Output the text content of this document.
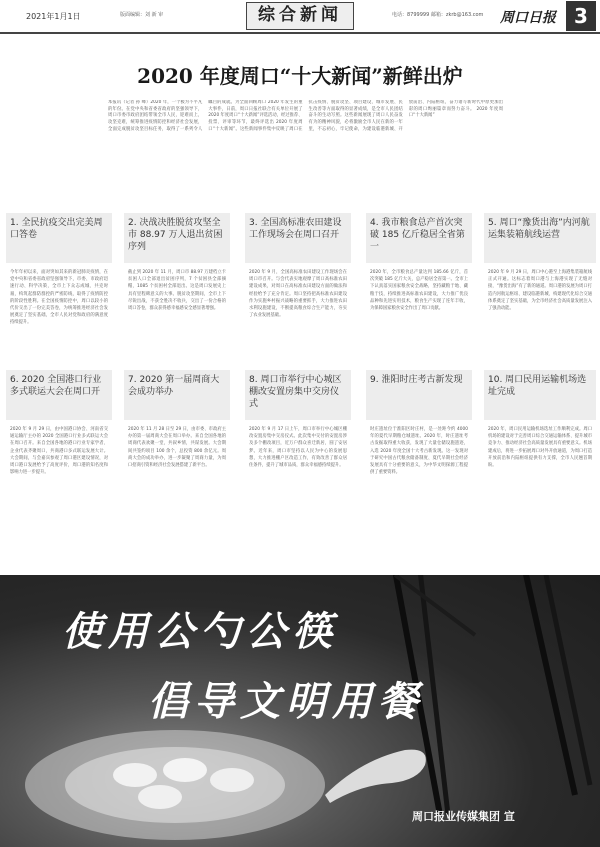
2021年1月1日	版面编辑：刘 新 审	综合新闻	电话：8799999 邮箱：zkrb@163.com 周口日报 3
2020 年度周口“十大新闻”新鲜出炉
本报讯（记者 孙 峰）2020 年，一个极为不平凡的年份。在党中央和省委省政府的坚强领导下，周口市委市政府团结带领全市人民，迎难而上，攻坚克难，统筹推进疫情防控和经济社会发展，全面完成脱贫攻坚目标任务，取得了一系列令人瞩目的成就。为全面回顾周口 2020 年发生的重大事件，日前，周口日报社联合有关单位开展了 2020 年度周口“十大新闻”评选活动，经过推荐、投票、评审等环节，最终评选出 2020 年度周口“十大新闻”。这些新闻事件集中反映了周口在抗击疫情、脱贫攻坚、项目建设、城市发展、民生改善等方面取得的显著成绩，是全市人民团结奋斗的生动写照。这些新闻展现了周口人民奋发有为的精神风貌，必将激励全市人民在新的一年里，不忘初心，牢记使命，为建设临港新城、开放前沿、内陆枢纽，奋力谱写新时代中原更加出彩的周口绚丽篇章而努力奋斗。 2020 年度周口“十大新闻”
1. 全民抗疫交出完美周口答卷
今年年初以来，面对突如其来的新冠肺炎疫情，在党中央和省委省政府坚强领导下，市委、市政府迅速行动、科学决策，全市上下众志成城、共克时艰，构筑起群防群控的严密防线，取得了疫情防控的阶段性胜利。在全国疫情防控中，周口以较小的代价交出了一份完美答卷，为统筹推进经济社会发展奠定了坚实基础，全市人民对党和政府的满意度持续提升。
2. 决战决胜脱贫攻坚全市 88.97 万人退出贫困序列
截止到 2020 年 11 月，周口市 88.97 万建档立卡贫困人口全部退出贫困序列，7 个贫困县全部摘帽，1085 个贫困村全部退出。这是周口发展史上具有里程碑意义的大事。脱贫攻坚期间，全市上下尽锐出战，不获全胜决不收兵，交出了一份合格的周口答卷，群众获得感幸福感安全感显著增强。
3. 全国高标准农田建设工作现场会在周口召开
2020 年 9 月，全国高标准农田建设工作现场会在周口市召开。与会代表实地观摩了周口高标准农田建设成果，对周口在高标准农田建设方面的做法和经验给予了充分肯定。周口坚持把高标准农田建设作为实施乡村振兴战略的重要抓手，大力推进农田水利设施建设，不断提高粮食综合生产能力，夯实了农业发展基础。
4. 我市粮食总产首次突破 185 亿斤稳居全省第一
2020 年，全市粮食总产量达到 185.66 亿斤，首次突破 185 亿斤大关，总产稳居全省第一。全市上下认真落实国家粮食安全战略，坚持藏粮于地、藏粮于技，持续推进高标准农田建设，大力推广优良品种和先进实用技术，粮食生产实现了连年丰收，为保障国家粮食安全作出了周口贡献。
5. 周口“豫货出海”内河航运集装箱航线运营
2020 年 9 月 29 日，周口中心港至上海港集装箱航线正式开通。这标志着周口港与上海港实现了无缝对接，“豫货出海”有了新的通道。周口港的发展为周口打造内河航运枢纽、建设临港新城、构建现代化综合交通体系奠定了坚实基础，为全市经济社会高质量发展注入了强劲动能。
6. 2020 全国港口行业多式联运大会在周口开
2020 年 9 月 29 日，由中国港口协会、河南省交通运输厅主办的 2020 全国港口行业多式联运大会在周口召开。来自全国各地的港口行业专家学者、企业代表齐聚周口，共商港口多式联运发展大计。大会期间，与会嘉宾参观了周口港区建设情况，对周口港口发展给予了高度评价，周口港的知名度和影响力进一步提升。
7. 2020 第一届周商大会成功举办
2020 年 11 月 28 日至 29 日，由市委、市政府主办的第一届周商大会在周口举办。来自全国各地的周商代表欢聚一堂，共叙乡情，共谋发展。大会期间共签约项目 100 余个，总投资 800 余亿元。周商大会的成功举办，进一步凝聚了周商力量，为周口招商引资和经济社会发展搭建了新平台。
8. 周口市举行中心城区棚改安置房集中交房仪式
2020 年 9 月 17 日上午，周口市举行中心城区棚改安置房集中交房仪式。此次集中交付的安置房涉及多个棚改项目，近万户群众喜迁新居，圆了安居梦。近年来，周口市坚持以人民为中心的发展思想，大力推进棚户区改造工作，有效改善了群众居住条件，提升了城市品质，群众幸福感持续提升。
9. 淮阳时庄考古新发现
时庄遗址位于淮阳区时庄村，是一处距今约 4000 年的夏代早期粮仓城遗址。2020 年，时庄遗址考古发掘取得重大收获，发现了大量仓储设施遗迹，入选 2020 年度全国十大考古新发现。这一发现对于研究中国古代粮食储备制度、夏代早期社会经济发展具有十分重要的意义，为中华文明探源工程提供了重要资料。
10. 周口民用运输机场选址完成
2020 年，周口民用运输机场选址工作顺利完成。周口机场的建设对于完善周口综合交通运输体系、提升城市竞争力、推动经济社会高质量发展具有重要意义。机场建成后，将进一步拓展周口对外开放通道，为周口打造开放前沿和内陆枢纽提供有力支撑，全市人民翘首期盼。
使用公勺公筷
倡导文明用餐
周口报业传媒集团 宣
